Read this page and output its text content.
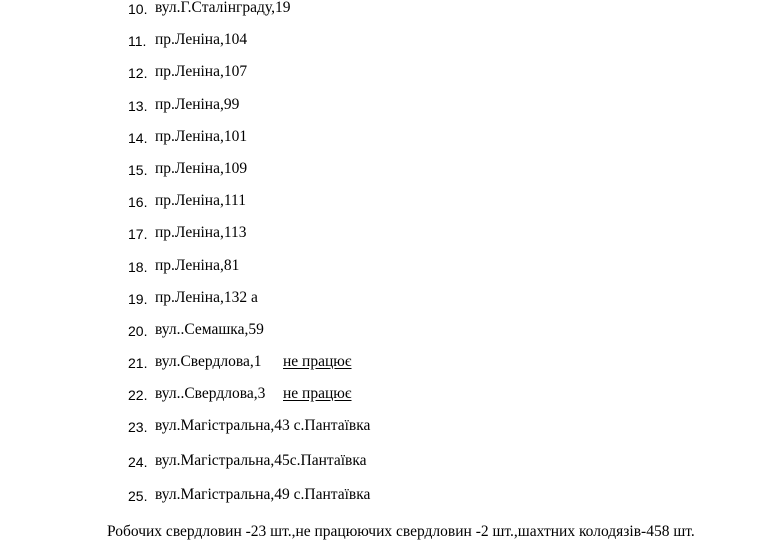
10. вул.Г.Сталінграду,19
11. пр.Леніна,104
12. пр.Леніна,107
13. пр.Леніна,99
14. пр.Леніна,101
15. пр.Леніна,109
16. пр.Леніна,111
17. пр.Леніна,113
18. пр.Леніна,81
19. пр.Леніна,132 а
20. вул..Семашка,59
21. вул.Свердлова,1 не працює
22. вул..Свердлова,3 не працює
23. вул.Магістральна,43 с.Пантаївка
24. вул.Магістральна,45с.Пантаївка
25. вул.Магістральна,49 с.Пантаївка

Робочих свердловин -23 шт.,не працюючих свердловин -2 шт.,шахтних колодязів-458 шт.
